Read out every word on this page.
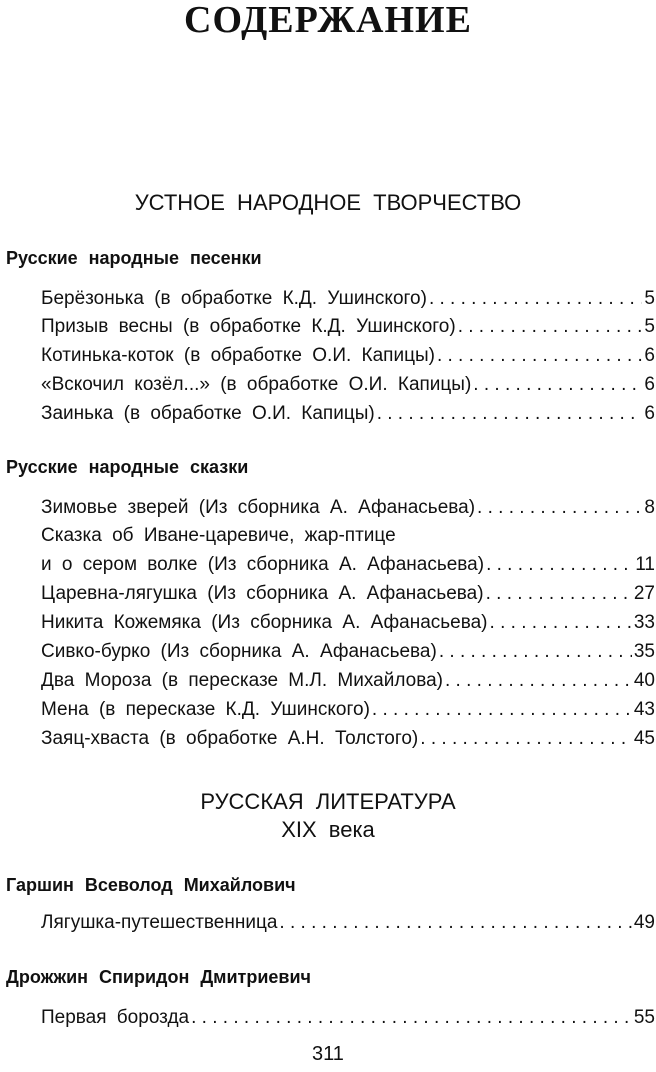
СОДЕРЖАНИЕ
УСТНОЕ НАРОДНОЕ ТВОРЧЕСТВО
Русские народные песенки
Берёзонька (в обработке К.Д. Ушинского) . . .	5
Призыв весны (в обработке К.Д. Ушинского) . . .	5
Котинька-коток (в обработке О.И. Капицы) . . .	6
«Вскочил козёл...» (в обработке О.И. Капицы) . . .	6
Заинька (в обработке О.И. Капицы) . . .	6
Русские народные сказки
Зимовье зверей (Из сборника А. Афанасьева) . . .	8
Сказка об Иване-царевиче, жар-птице
и о сером волке (Из сборника А. Афанасьева) . . .	11
Царевна-лягушка (Из сборника А. Афанасьева) . . .	27
Никита Кожемяка (Из сборника А. Афанасьева) . . .	33
Сивко-бурко (Из сборника А. Афанасьева) . . .	35
Два Мороза (в пересказе М.Л. Михайлова) . . .	40
Мена (в пересказе К.Д. Ушинского) . . .	43
Заяц-хваста (в обработке А.Н. Толстого) . . .	45
РУССКАЯ ЛИТЕРАТУРА
XIX века
Гаршин Всеволод Михайлович
Лягушка-путешественница . . .	49
Дрожжин Спиридон Дмитриевич
Первая борозда . . .	55
311
